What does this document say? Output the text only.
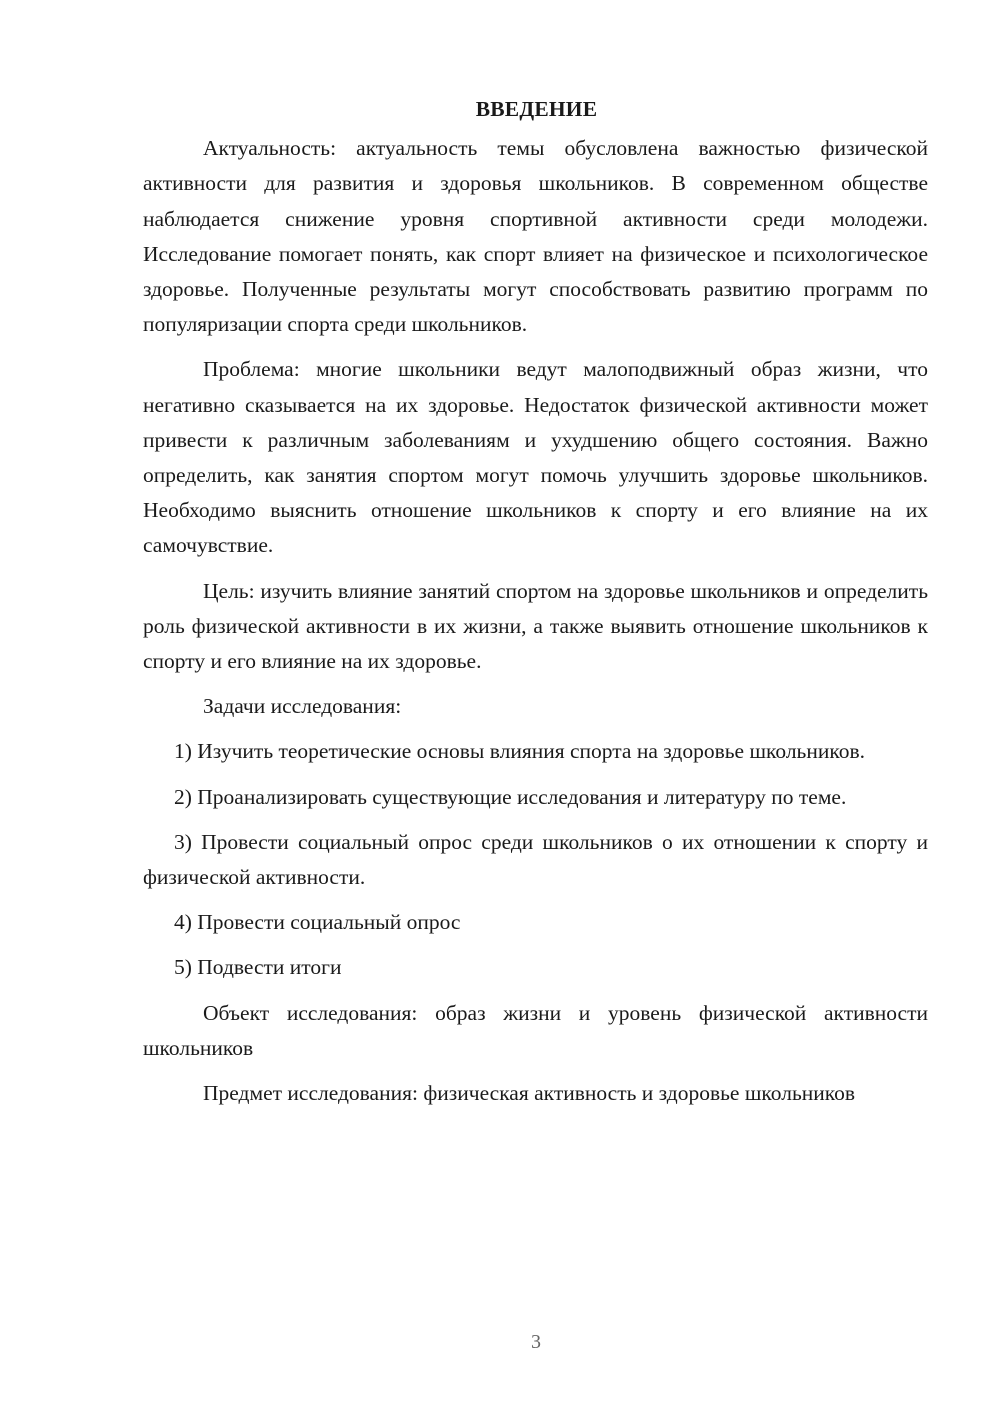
ВВЕДЕНИЕ

Актуальность: актуальность темы обусловлена важностью физической активности для развития и здоровья школьников. В современном обществе наблюдается снижение уровня спортивной активности среди молодежи. Исследование помогает понять, как спорт влияет на физическое и психологическое здоровье. Полученные результаты могут способствовать развитию программ по популяризации спорта среди школьников.

Проблема: многие школьники ведут малоподвижный образ жизни, что негативно сказывается на их здоровье. Недостаток физической активности может привести к различным заболеваниям и ухудшению общего состояния. Важно определить, как занятия спортом могут помочь улучшить здоровье школьников. Необходимо выяснить отношение школьников к спорту и его влияние на их самочувствие.

Цель: изучить влияние занятий спортом на здоровье школьников и определить роль физической активности в их жизни, а также выявить отношение школьников к спорту и его влияние на их здоровье.

Задачи исследования:

1) Изучить теоретические основы влияния спорта на здоровье школьников.

2) Проанализировать существующие исследования и литературу по теме.

3) Провести социальный опрос среди школьников о их отношении к спорту и физической активности.

4) Провести социальный опрос

5) Подвести итоги

Объект исследования: образ жизни и уровень физической активности школьников

Предмет исследования: физическая активность и здоровье школьников

3
